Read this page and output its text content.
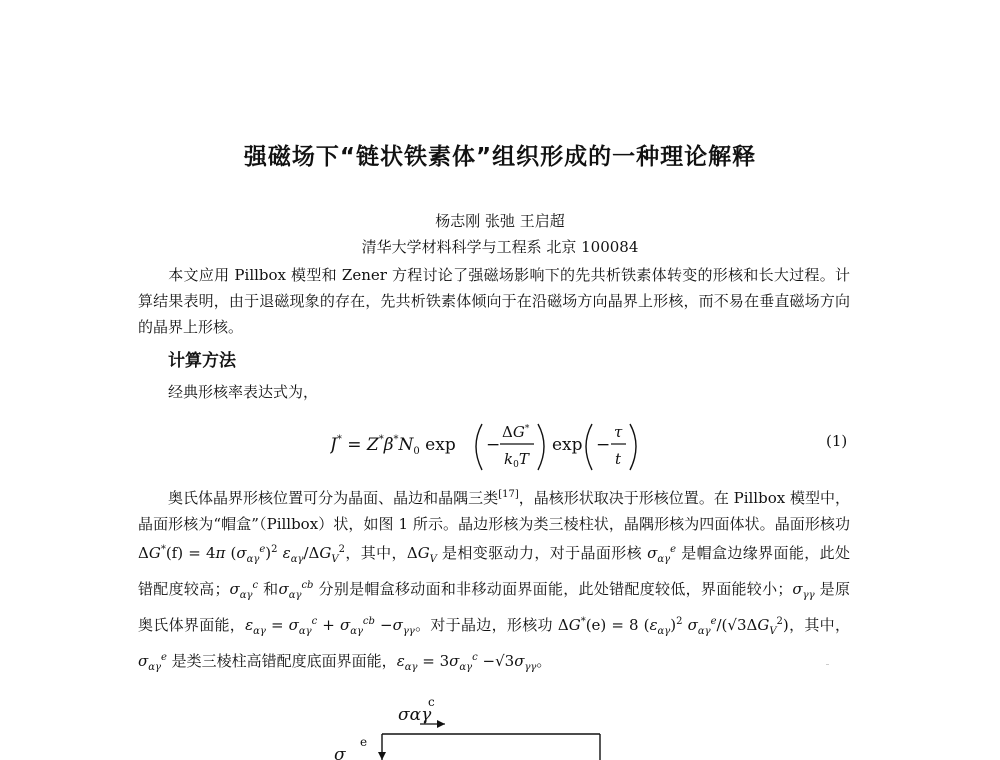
强磁场下“链状铁素体”组织形成的一种理论解释
杨志刚 张弛 王启超
清华大学材料科学与工程系 北京 100084
本文应用 Pillbox 模型和 Zener 方程讨论了强磁场影响下的先共析铁素体转变的形核和长大过程。计算结果表明，由于退磁现象的存在，先共析铁素体倾向于在沿磁场方向晶界上形核，而不易在垂直磁场方向的晶界上形核。
计算方法
经典形核率表达式为，
$J^* = Z^*\beta^*N_0$ exp −
ΔG*
$k_0T$
exp −
τ
t
(1)
奥氏体晶界形核位置可分为晶面、晶边和晶隅三类[17]，晶核形状取决于形核位置。在 Pillbox 模型中，晶面形核为“帽盒”（Pillbox）状，如图 1 所示。晶边形核为类三棱柱状，晶隅形核为四面体状。晶面形核功 ΔG*(f) = 4π $(\sigma_{\alpha\gamma}^e)^2$ $\varepsilon_{\alpha\gamma}/\Delta G_V^2$，其中，$\Delta G_V$ 是相变驱动力，对于晶面形核 $\sigma_{\alpha\gamma}^e$ 是帽盒边缘界面能，此处错配度较高；$\sigma_{\alpha\gamma}^c$ 和$\sigma_{\alpha\gamma}^{cb}$ 分别是帽盒移动面和非移动面界面能，此处错配度较低，界面能较小；$\sigma_{\gamma\gamma}$ 是原奥氏体界面能，$\varepsilon_{\alpha\gamma} = \sigma_{\alpha\gamma}^c + \sigma_{\alpha\gamma}^{cb} -\sigma_{\gamma\gamma}$。对于晶边，形核功 ΔG*(e) = 8 $(\varepsilon_{\alpha\gamma})^2$ $\sigma_{\alpha\gamma}^e/(√3\Delta G_V^2)$，其中，$\sigma_{\alpha\gamma}^e$ 是类三棱柱高错配度底面界面能，$\varepsilon_{\alpha\gamma} = 3\sigma_{\alpha\gamma}^c -√3\sigma_{\gamma\gamma}$。
σαγ
c
σ
e
